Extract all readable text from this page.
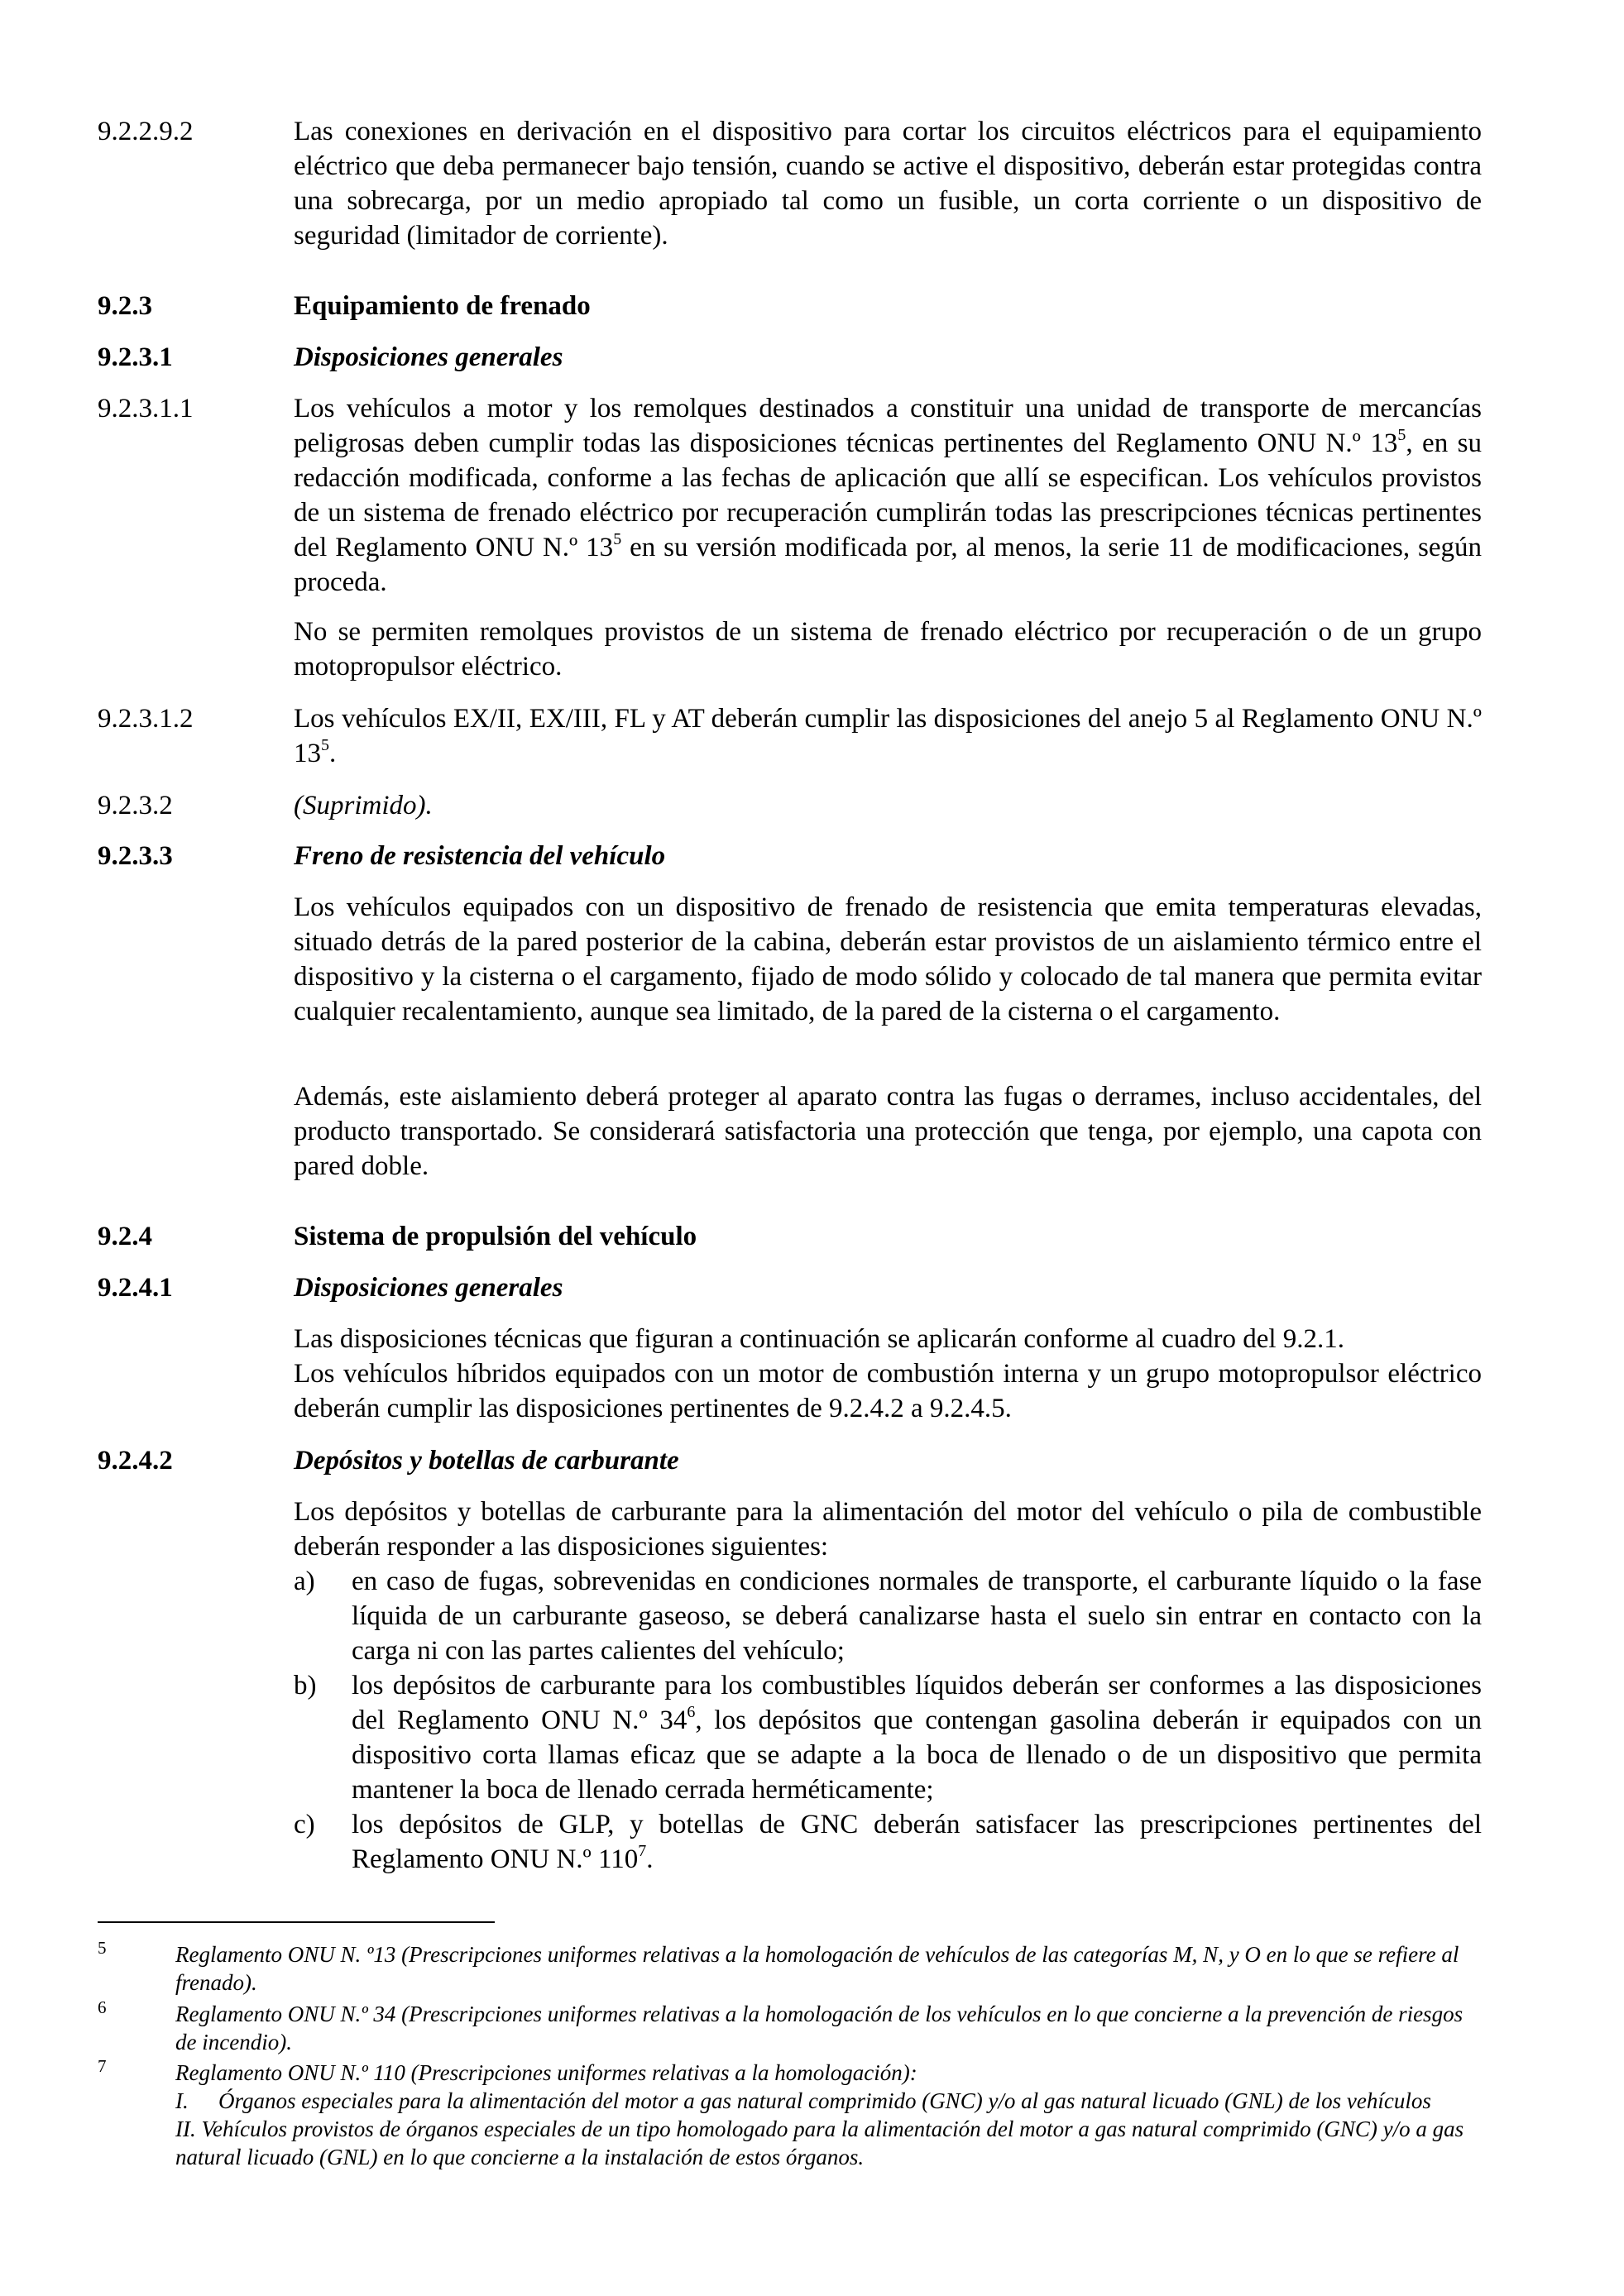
9.2.2.9.2	Las conexiones en derivación en el dispositivo para cortar los circuitos eléctricos para el equipamiento eléctrico que deba permanecer bajo tensión, cuando se active el dispositivo, deberán estar protegidas contra una sobrecarga, por un medio apropiado tal como un fusible, un corta corriente o un dispositivo de seguridad (limitador de corriente).
9.2.3	Equipamiento de frenado
9.2.3.1	Disposiciones generales
9.2.3.1.1	Los vehículos a motor y los remolques destinados a constituir una unidad de transporte de mercancías peligrosas deben cumplir todas las disposiciones técnicas pertinentes del Reglamento ONU N.º $13^5$, en su redacción modificada, conforme a las fechas de aplicación que allí se especifican. Los vehículos provistos de un sistema de frenado eléctrico por recuperación cumplirán todas las prescripciones técnicas pertinentes del Reglamento ONU N.º $13^5$ en su versión modificada por, al menos, la serie 11 de modificaciones, según proceda.
No se permiten remolques provistos de un sistema de frenado eléctrico por recuperación o de un grupo motopropulsor eléctrico.
9.2.3.1.2	Los vehículos EX/II, EX/III, FL y AT deberán cumplir las disposiciones del anejo 5 al Reglamento ONU N.º $13^5$.
9.2.3.2	(Suprimido).
9.2.3.3	Freno de resistencia del vehículo
Los vehículos equipados con un dispositivo de frenado de resistencia que emita temperaturas elevadas, situado detrás de la pared posterior de la cabina, deberán estar provistos de un aislamiento térmico entre el dispositivo y la cisterna o el cargamento, fijado de modo sólido y colocado de tal manera que permita evitar cualquier recalentamiento, aunque sea limitado, de la pared de la cisterna o el cargamento.
Además, este aislamiento deberá proteger al aparato contra las fugas o derrames, incluso accidentales, del producto transportado. Se considerará satisfactoria una protección que tenga, por ejemplo, una capota con pared doble.
9.2.4	Sistema de propulsión del vehículo
9.2.4.1	Disposiciones generales
Las disposiciones técnicas que figuran a continuación se aplicarán conforme al cuadro del 9.2.1.
Los vehículos híbridos equipados con un motor de combustión interna y un grupo motopropulsor eléctrico deberán cumplir las disposiciones pertinentes de 9.2.4.2 a 9.2.4.5.
9.2.4.2	Depósitos y botellas de carburante
Los depósitos y botellas de carburante para la alimentación del motor del vehículo o pila de combustible deberán responder a las disposiciones siguientes:
a) en caso de fugas, sobrevenidas en condiciones normales de transporte, el carburante líquido o la fase líquida de un carburante gaseoso, se deberá canalizarse hasta el suelo sin entrar en contacto con la carga ni con las partes calientes del vehículo;
b) los depósitos de carburante para los combustibles líquidos deberán ser conformes a las disposiciones del Reglamento ONU N.º $34^6$, los depósitos que contengan gasolina deberán ir equipados con un dispositivo corta llamas eficaz que se adapte a la boca de llenado o de un dispositivo que permita mantener la boca de llenado cerrada herméticamente;
c) los depósitos de GLP, y botellas de GNC deberán satisfacer las prescripciones pertinentes del Reglamento ONU N.º $110^7$.
5	Reglamento ONU N. º13 (Prescripciones uniformes relativas a la homologación de vehículos de las categorías M, N, y O en lo que se refiere al frenado).
6	Reglamento ONU N.º 34 (Prescripciones uniformes relativas a la homologación de los vehículos en lo que concierne a la prevención de riesgos de incendio).
7	Reglamento ONU N.º 110 (Prescripciones uniformes relativas a la homologación):
I. Órganos especiales para la alimentación del motor a gas natural comprimido (GNC) y/o al gas natural licuado (GNL) de los vehículos
II. Vehículos provistos de órganos especiales de un tipo homologado para la alimentación del motor a gas natural comprimido (GNC) y/o a gas natural licuado (GNL) en lo que concierne a la instalación de estos órganos.
